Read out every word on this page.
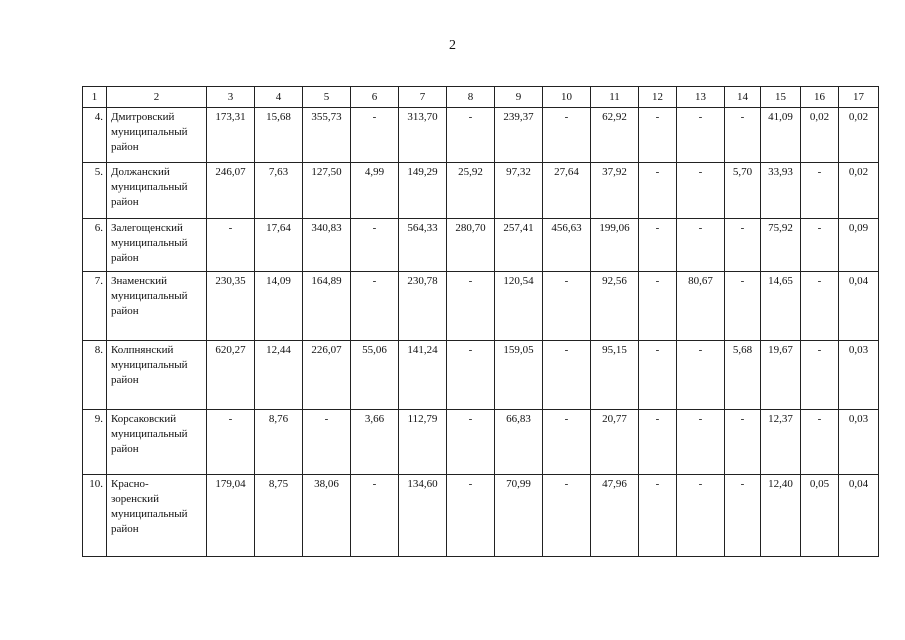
2
1	2	3	4	5	6	7	8	9	10	11	12	13	14	15	16	17
4.	Дмитровский
муниципальный
район	173,31	15,68	355,73	-	313,70	-	239,37	-	62,92	-	-	-	41,09	0,02	0,02
5.	Должанский
муниципальный
район	246,07	7,63	127,50	4,99	149,29	25,92	97,32	27,64	37,92	-	-	5,70	33,93	-	0,02
6.	Залегощенский
муниципальный
район	-	17,64	340,83	-	564,33	280,70	257,41	456,63	199,06	-	-	-	75,92	-	0,09
7.	Знаменский
муниципальный
район	230,35	14,09	164,89	-	230,78	-	120,54	-	92,56	-	80,67	-	14,65	-	0,04
8.	Колпнянский
муниципальный
район	620,27	12,44	226,07	55,06	141,24	-	159,05	-	95,15	-	-	5,68	19,67	-	0,03
9.	Корсаковский
муниципальный
район	-	8,76	-	3,66	112,79	-	66,83	-	20,77	-	-	-	12,37	-	0,03
10.	Красно-
зоренский
муниципальный
район	179,04	8,75	38,06	-	134,60	-	70,99	-	47,96	-	-	-	12,40	0,05	0,04
